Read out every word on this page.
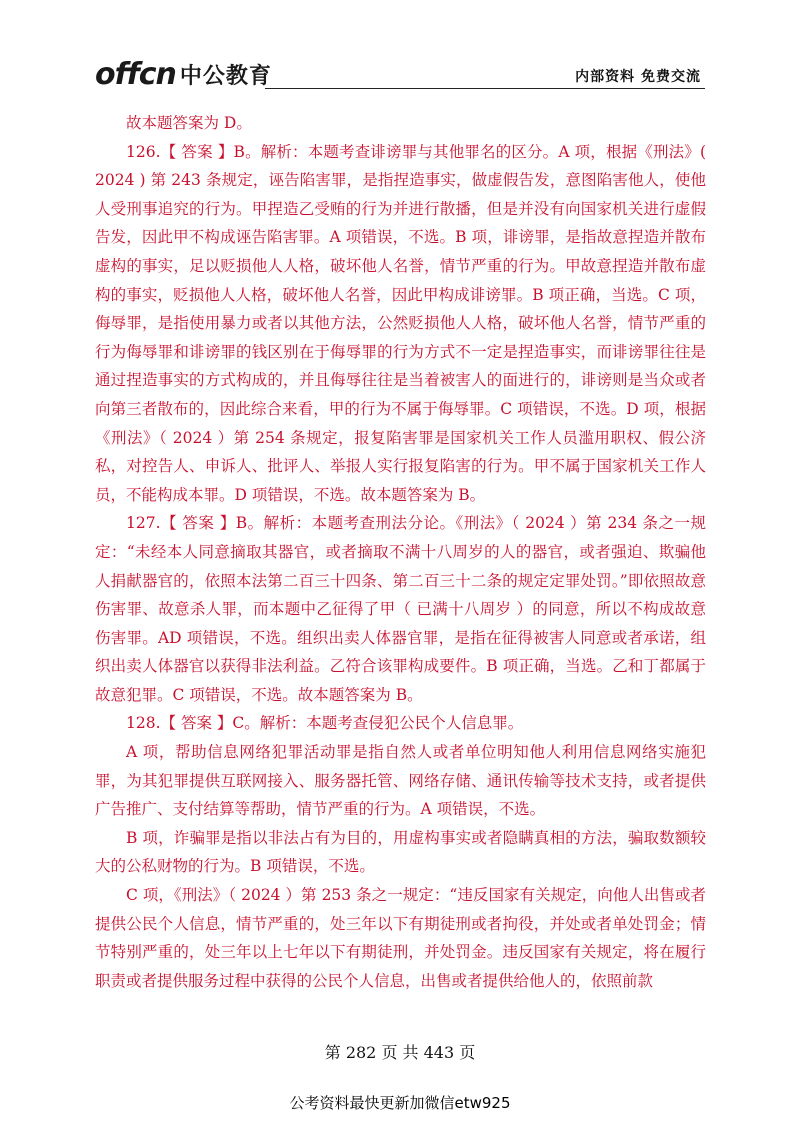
offcn 中公教育	内部资料 免费交流

故本题答案为 D。

126.【 答案 】B。解析：本题考查诽谤罪与其他罪名的区分。A 项，根据《刑法》( 2024 ) 第 243 条规定，诬告陷害罪，是指捏造事实，做虚假告发，意图陷害他人，使他人受刑事追究的行为。甲捏造乙受贿的行为并进行散播，但是并没有向国家机关进行虚假告发，因此甲不构成诬告陷害罪。A 项错误，不选。B 项，诽谤罪，是指故意捏造并散布虚构的事实，足以贬损他人人格，破坏他人名誉，情节严重的行为。甲故意捏造并散布虚构的事实，贬损他人人格，破坏他人名誉，因此甲构成诽谤罪。B 项正确，当选。C 项，侮辱罪，是指使用暴力或者以其他方法，公然贬损他人人格，破坏他人名誉，情节严重的行为侮辱罪和诽谤罪的钱区别在于侮辱罪的行为方式不一定是捏造事实，而诽谤罪往往是通过捏造事实的方式构成的，并且侮辱往往是当着被害人的面进行的，诽谤则是当众或者向第三者散布的，因此综合来看，甲的行为不属于侮辱罪。C 项错误，不选。D 项，根据《刑法》（ 2024 ）第 254 条规定，报复陷害罪是国家机关工作人员滥用职权、假公济私，对控告人、申诉人、批评人、举报人实行报复陷害的行为。甲不属于国家机关工作人员，不能构成本罪。D 项错误，不选。故本题答案为 B。

127.【 答案 】B。解析：本题考查刑法分论。《刑法》（ 2024 ）第 234 条之一规定：“未经本人同意摘取其器官，或者摘取不满十八周岁的人的器官，或者强迫、欺骗他人捐献器官的，依照本法第二百三十四条、第二百三十二条的规定定罪处罚。”即依照故意伤害罪、故意杀人罪，而本题中乙征得了甲（ 已满十八周岁 ）的同意，所以不构成故意伤害罪。AD 项错误，不选。组织出卖人体器官罪，是指在征得被害人同意或者承诺，组织出卖人体器官以获得非法利益。乙符合该罪构成要件。B 项正确，当选。乙和丁都属于故意犯罪。C 项错误，不选。故本题答案为 B。

128.【 答案 】C。解析：本题考查侵犯公民个人信息罪。

A 项，帮助信息网络犯罪活动罪是指自然人或者单位明知他人利用信息网络实施犯罪，为其犯罪提供互联网接入、服务器托管、网络存储、通讯传输等技术支持，或者提供广告推广、支付结算等帮助，情节严重的行为。A 项错误，不选。

B 项，诈骗罪是指以非法占有为目的，用虚构事实或者隐瞒真相的方法，骗取数额较大的公私财物的行为。B 项错误，不选。

C 项，《刑法》（ 2024 ）第 253 条之一规定：“违反国家有关规定，向他人出售或者提供公民个人信息，情节严重的，处三年以下有期徒刑或者拘役，并处或者单处罚金；情节特别严重的，处三年以上七年以下有期徒刑，并处罚金。违反国家有关规定，将在履行职责或者提供服务过程中获得的公民个人信息，出售或者提供给他人的，依照前款

第 282 页 共 443 页
公考资料最快更新加微信etw925
